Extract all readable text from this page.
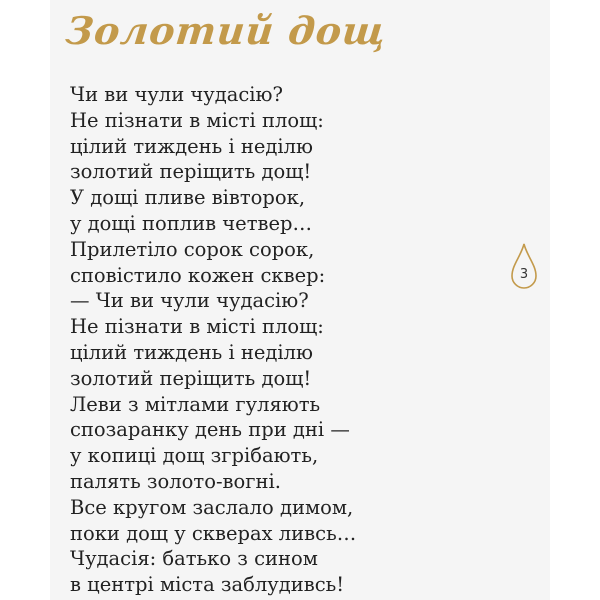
Золотий дощ
Чи ви чули чудасію?
Не пізнати в місті площ:
цілий тиждень і неділю
золотий періщить дощ!
У дощі пливе вівторок,
у дощі поплив четвер…
Прилетіло сорок сорок,
сповістило кожен сквер:
— Чи ви чули чудасію?
Не пізнати в місті площ:
цілий тиждень і неділю
золотий періщить дощ!
Леви з мітлами гуляють
спозаранку день при дні —
у копиці дощ згрібають,
палять золото-вогні.
Все кругом заслало димом,
поки дощ у скверах ливсь…
Чудасія: батько з сином
в центрі міста заблудивсь!
3
